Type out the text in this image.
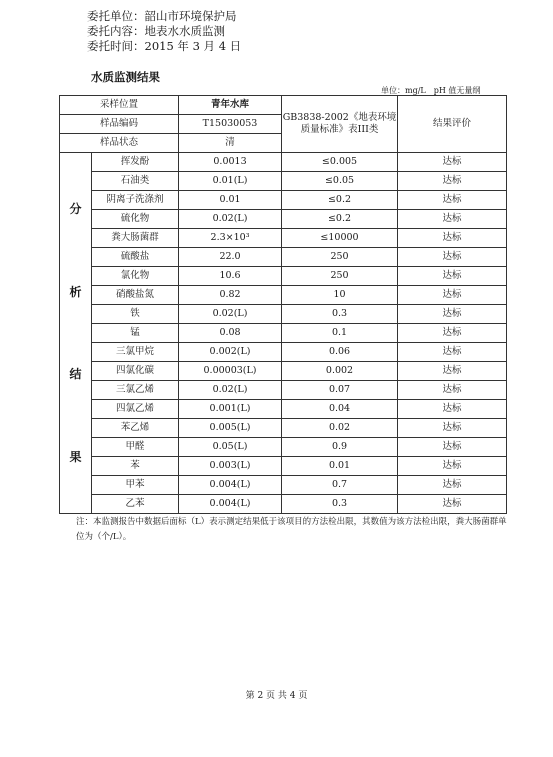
委托单位：韶山市环境保护局
委托内容：地表水水质监测
委托时间：2015 年 3 月 4 日
水质监测结果
单位：mg/L pH 值无量纲
采样位置		青年水库	GB3838-2002《地表环境质量标准》表III类	结果评价
样品编码		T15030053		
样品状态		清		

分
析
结
果	挥发酚	0.0013	≤0.005	达标
	石油类	0.01(L)	≤0.05	达标
	阴离子洗涤剂	0.01	≤0.2	达标
	硫化物	0.02(L)	≤0.2	达标
	粪大肠菌群	2.3×10³	≤10000	达标
	硫酸盐	22.0	250	达标
	氯化物	10.6	250	达标
	硝酸盐氮	0.82	10	达标
	铁	0.02(L)	0.3	达标
	锰	0.08	0.1	达标
	三氯甲烷	0.002(L)	0.06	达标
	四氯化碳	0.00003(L)	0.002	达标
	三氯乙烯	0.02(L)	0.07	达标
	四氯乙烯	0.001(L)	0.04	达标
	苯乙烯	0.005(L)	0.02	达标
	甲醛	0.05(L)	0.9	达标
	苯	0.003(L)	0.01	达标
	甲苯	0.004(L)	0.7	达标
	乙苯	0.004(L)	0.3	达标
注：本监测报告中数据后面标（L）表示测定结果低于该项目的方法检出限，其数值为该方法检出限，粪大肠菌群单位为（个/L）。
第 2 页 共 4 页
